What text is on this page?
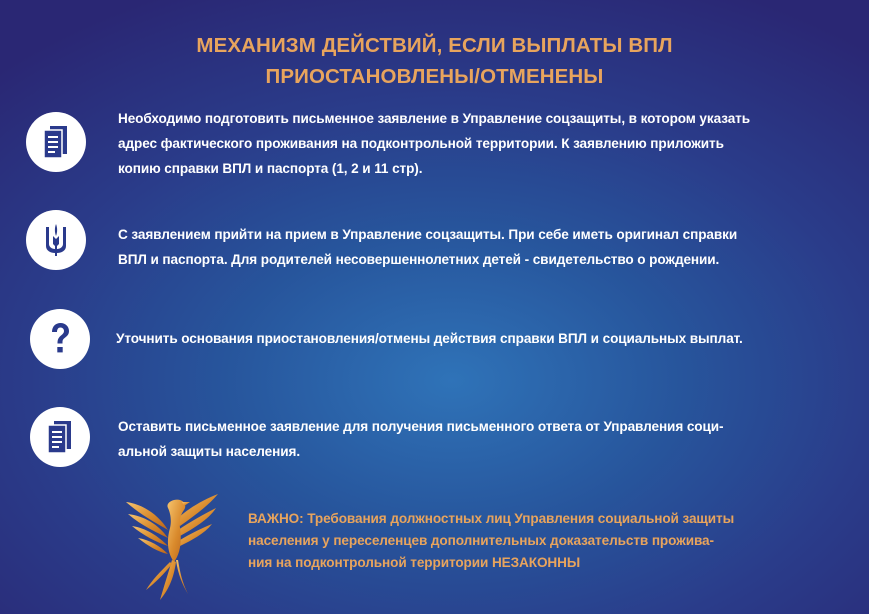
МЕХАНИЗМ ДЕЙСТВИЙ, ЕСЛИ ВЫПЛАТЫ ВПЛ
ПРИОСТАНОВЛЕНЫ/ОТМЕНЕНЫ
Необходимо подготовить письменное заявление в Управление соцзащиты, в котором указать
адрес фактического проживания на подконтрольной территории. К заявлению приложить
копию справки ВПЛ и паспорта (1, 2 и 11 стр).
С заявлением прийти на прием в Управление соцзащиты. При себе иметь оригинал справки
ВПЛ и паспорта. Для родителей несовершеннолетних детей - свидетельство о рождении.
Уточнить основания приостановления/отмены действия справки ВПЛ и социальных выплат.
Оставить письменное заявление для получения письменного ответа от Управления соци-
альной защиты населения.
ВАЖНО: Требования должностных лиц Управления социальной защиты
населения у переселенцев дополнительных доказательств прожива-
ния на подконтрольной территории НЕЗАКОННЫ
